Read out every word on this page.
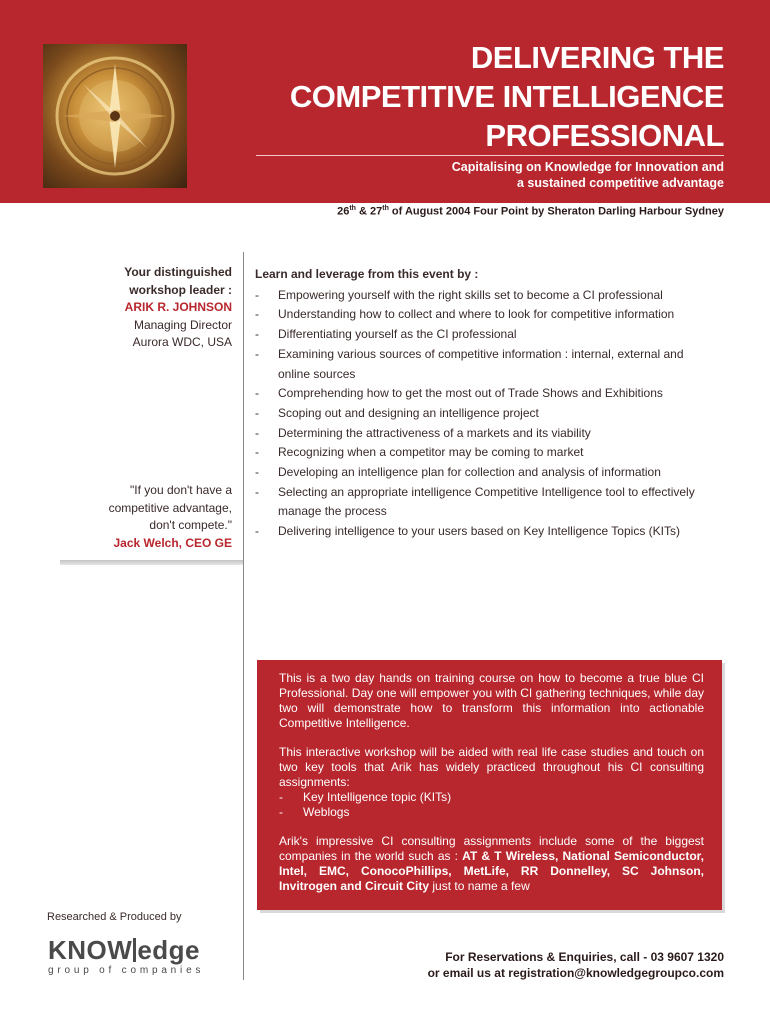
DELIVERING THE
COMPETITIVE INTELLIGENCE
PROFESSIONAL
Capitalising on Knowledge for Innovation and
a sustained competitive advantage
26th & 27th of August 2004 Four Point by Sheraton Darling Harbour Sydney
Your distinguished
workshop leader :
ARIK R. JOHNSON
Managing Director
Aurora WDC, USA
"If you don't have a
competitive advantage,
don't compete."
Jack Welch, CEO GE
Learn and leverage from this event by :
- Empowering yourself with the right skills set to become a CI professional
- Understanding how to collect and where to look for competitive information
- Differentiating yourself as the CI professional
- Examining various sources of competitive information : internal, external and online sources
- Comprehending how to get the most out of Trade Shows and Exhibitions
- Scoping out and designing an intelligence project
- Determining the attractiveness of a markets and its viability
- Recognizing when a competitor may be coming to market
- Developing an intelligence plan for collection and analysis of information
- Selecting an appropriate intelligence Competitive Intelligence tool to effectively manage the process
- Delivering intelligence to your users based on Key Intelligence Topics (KITs)

This is a two day hands on training course on how to become a true blue CI Professional. Day one will empower you with CI gathering techniques, while day two will demonstrate how to transform this information into actionable Competitive Intelligence.

This interactive workshop will be aided with real life case studies and touch on two key tools that Arik has widely practiced throughout his CI consulting assignments:

- Key Intelligence topic (KITs)
- Weblogs

Arik's impressive CI consulting assignments include some of the biggest companies in the world such as : AT & T Wireless, National Semiconductor, Intel, EMC, ConocoPhillips, MetLife, RR Donnelley, SC Johnson, Invitrogen and Circuit City just to name a few

Researched & Produced by
KNOW edge
group of companies
For Reservations & Enquiries, call - 03 9607 1320
or email us at registration@knowledgegroupco.com
